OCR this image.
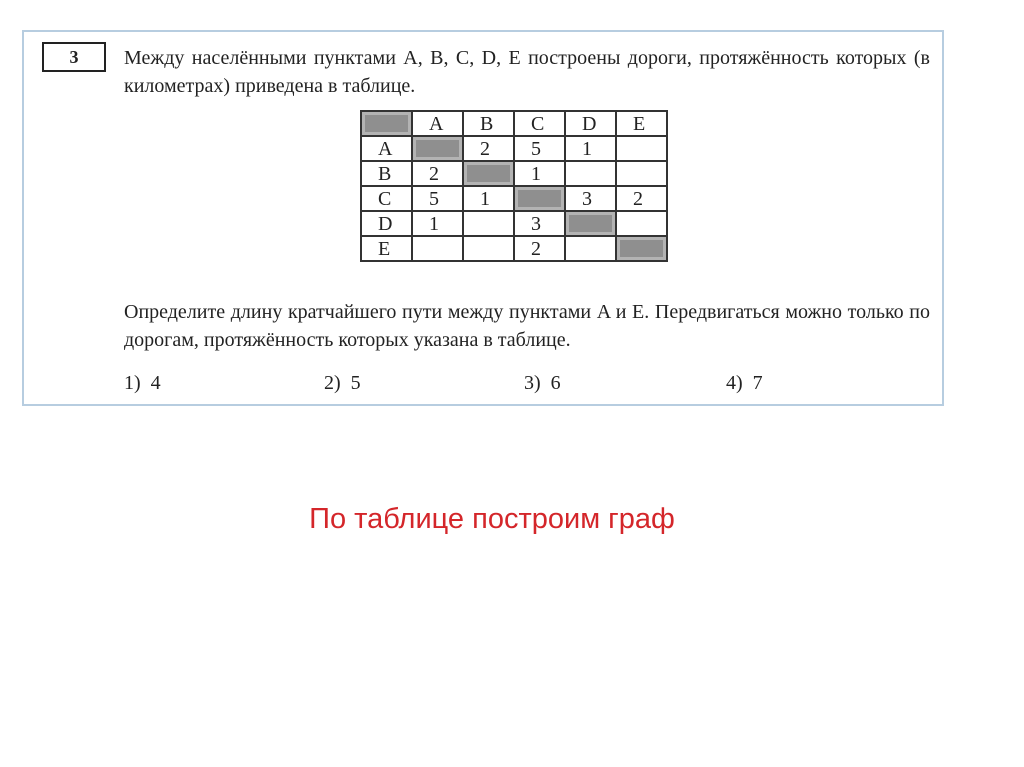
3	Между населёнными пунктами A, B, C, D, E построены дороги, протяжённость которых (в километрах) приведена в таблице.
	A	B	C	D	E
A		2	5	1	
B	2		1		
C	5	1		3	2
D	1		3		
E			2		
Определите длину кратчайшего пути между пунктами A и E. Передвигаться можно только по дорогам, протяжённость которых указана в таблице.
1) 4	2) 5	3) 6	4) 7
По таблице построим граф
